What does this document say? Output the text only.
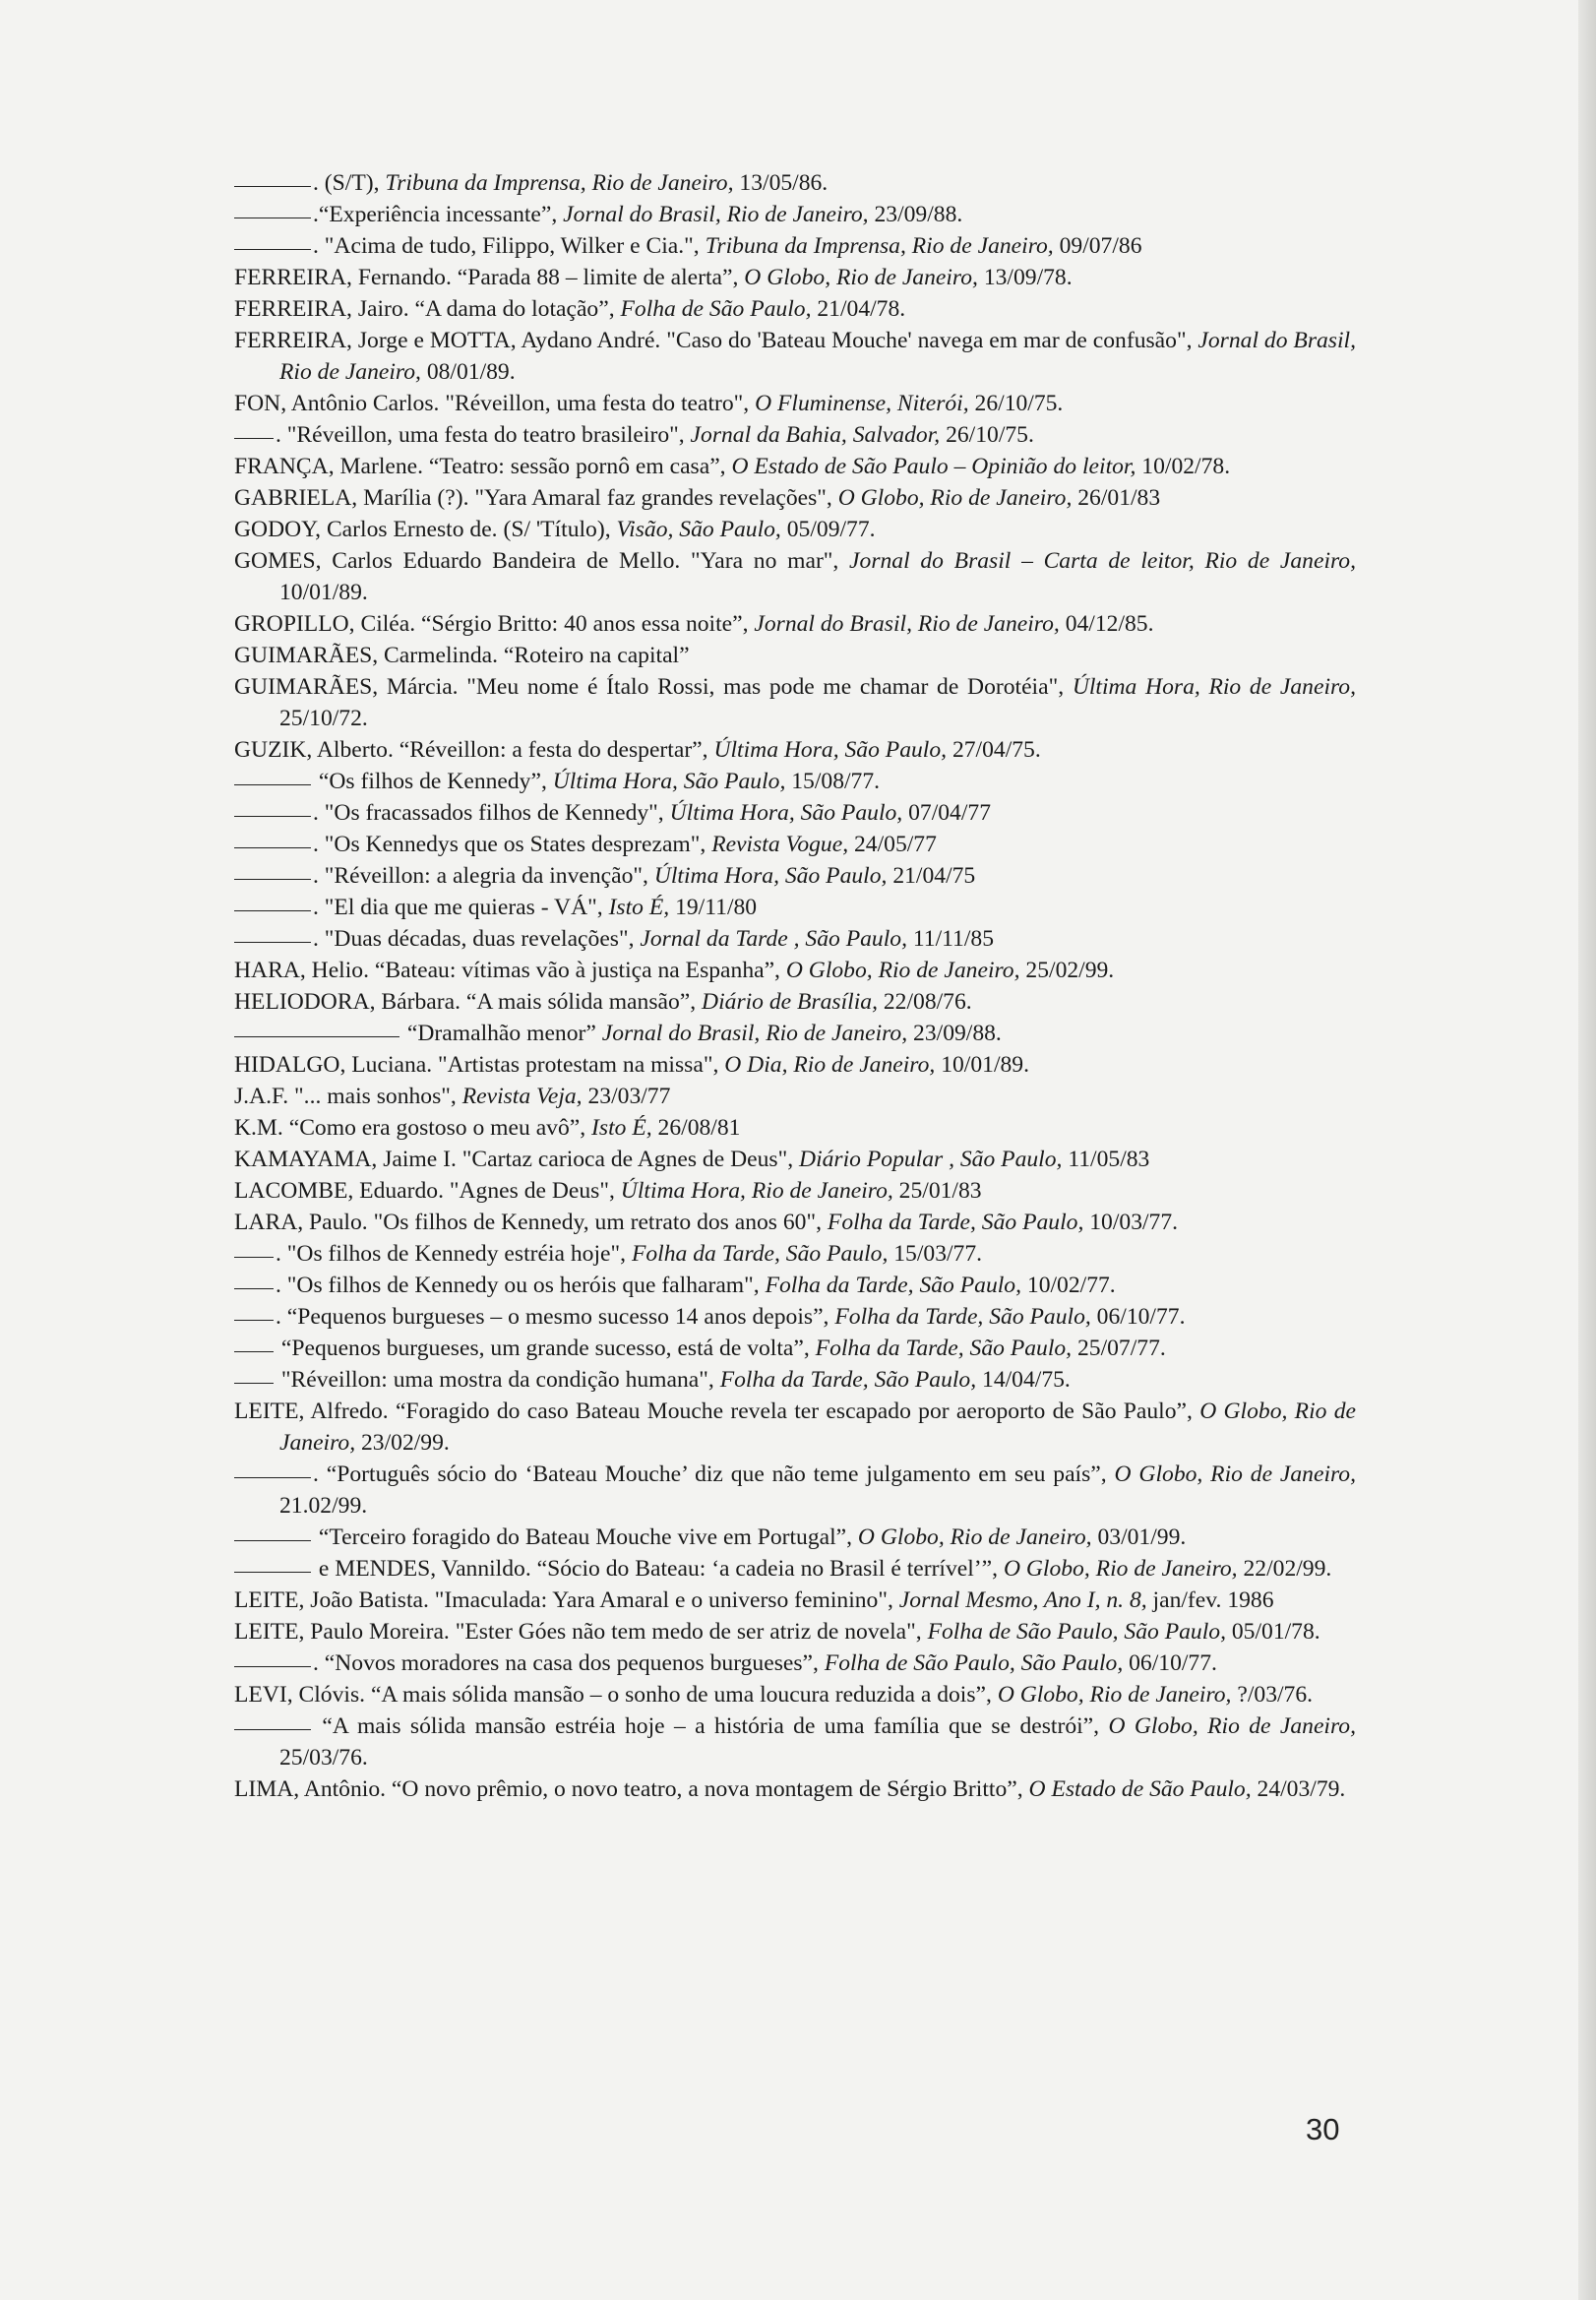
. (S/T), Tribuna da Imprensa, Rio de Janeiro, 13/05/86.

.“Experiência incessante”, Jornal do Brasil, Rio de Janeiro, 23/09/88.

. "Acima de tudo, Filippo, Wilker e Cia.", Tribuna da Imprensa, Rio de Janeiro, 09/07/86

FERREIRA, Fernando. “Parada 88 – limite de alerta”, O Globo, Rio de Janeiro, 13/09/78.

FERREIRA, Jairo. “A dama do lotação”, Folha de São Paulo, 21/04/78.

FERREIRA, Jorge e MOTTA, Aydano André. "Caso do 'Bateau Mouche' navega em mar de confusão", Jornal do Brasil, Rio de Janeiro, 08/01/89.

FON, Antônio Carlos. "Réveillon, uma festa do teatro", O Fluminense, Niterói, 26/10/75.

. "Réveillon, uma festa do teatro brasileiro", Jornal da Bahia, Salvador, 26/10/75.

FRANÇA, Marlene. “Teatro: sessão pornô em casa”, O Estado de São Paulo – Opinião do leitor, 10/02/78.

GABRIELA, Marília (?). "Yara Amaral faz grandes revelações", O Globo, Rio de Janeiro, 26/01/83

GODOY, Carlos Ernesto de. (S/ 'Título), Visão, São Paulo, 05/09/77.

GOMES, Carlos Eduardo Bandeira de Mello. "Yara no mar", Jornal do Brasil – Carta de leitor, Rio de Janeiro, 10/01/89.

GROPILLO, Ciléa. “Sérgio Britto: 40 anos essa noite”, Jornal do Brasil, Rio de Janeiro, 04/12/85.

GUIMARÃES, Carmelinda. “Roteiro na capital”

GUIMARÃES, Márcia. "Meu nome é Ítalo Rossi, mas pode me chamar de Dorotéia", Última Hora, Rio de Janeiro, 25/10/72.

GUZIK, Alberto. “Réveillon: a festa do despertar”, Última Hora, São Paulo, 27/04/75.

“Os filhos de Kennedy”, Última Hora, São Paulo, 15/08/77.

. "Os fracassados filhos de Kennedy", Última Hora, São Paulo, 07/04/77

. "Os Kennedys que os States desprezam", Revista Vogue, 24/05/77

. "Réveillon: a alegria da invenção", Última Hora, São Paulo, 21/04/75

. "El dia que me quieras - VÁ", Isto É, 19/11/80

. "Duas décadas, duas revelações", Jornal da Tarde , São Paulo, 11/11/85

HARA, Helio. “Bateau: vítimas vão à justiça na Espanha”, O Globo, Rio de Janeiro, 25/02/99.

HELIODORA, Bárbara. “A mais sólida mansão”, Diário de Brasília, 22/08/76.

“Dramalhão menor” Jornal do Brasil, Rio de Janeiro, 23/09/88.

HIDALGO, Luciana. "Artistas protestam na missa", O Dia, Rio de Janeiro, 10/01/89.

J.A.F. "... mais sonhos", Revista Veja, 23/03/77

K.M. “Como era gostoso o meu avô”, Isto É, 26/08/81

KAMAYAMA, Jaime I. "Cartaz carioca de Agnes de Deus", Diário Popular , São Paulo, 11/05/83

LACOMBE, Eduardo. "Agnes de Deus", Última Hora, Rio de Janeiro, 25/01/83

LARA, Paulo. "Os filhos de Kennedy, um retrato dos anos 60", Folha da Tarde, São Paulo, 10/03/77.

. "Os filhos de Kennedy estréia hoje", Folha da Tarde, São Paulo, 15/03/77.

. "Os filhos de Kennedy ou os heróis que falharam", Folha da Tarde, São Paulo, 10/02/77.

. “Pequenos burgueses – o mesmo sucesso 14 anos depois”, Folha da Tarde, São Paulo, 06/10/77.

“Pequenos burgueses, um grande sucesso, está de volta”, Folha da Tarde, São Paulo, 25/07/77.

"Réveillon: uma mostra da condição humana", Folha da Tarde, São Paulo, 14/04/75.

LEITE, Alfredo. “Foragido do caso Bateau Mouche revela ter escapado por aeroporto de São Paulo”, O Globo, Rio de Janeiro, 23/02/99.

. “Português sócio do ‘Bateau Mouche’ diz que não teme julgamento em seu país”, O Globo, Rio de Janeiro, 21.02/99.

“Terceiro foragido do Bateau Mouche vive em Portugal”, O Globo, Rio de Janeiro, 03/01/99.

e MENDES, Vannildo. “Sócio do Bateau: ‘a cadeia no Brasil é terrível’”, O Globo, Rio de Janeiro, 22/02/99.

LEITE, João Batista. "Imaculada: Yara Amaral e o universo feminino", Jornal Mesmo, Ano I, n. 8, jan/fev. 1986

LEITE, Paulo Moreira. "Ester Góes não tem medo de ser atriz de novela", Folha de São Paulo, São Paulo, 05/01/78.

. “Novos moradores na casa dos pequenos burgueses”, Folha de São Paulo, São Paulo, 06/10/77.

LEVI, Clóvis. “A mais sólida mansão – o sonho de uma loucura reduzida a dois”, O Globo, Rio de Janeiro, ?/03/76.

“A mais sólida mansão estréia hoje – a história de uma família que se destrói”, O Globo, Rio de Janeiro, 25/03/76.

LIMA, Antônio. “O novo prêmio, o novo teatro, a nova montagem de Sérgio Britto”, O Estado de São Paulo, 24/03/79.

30
